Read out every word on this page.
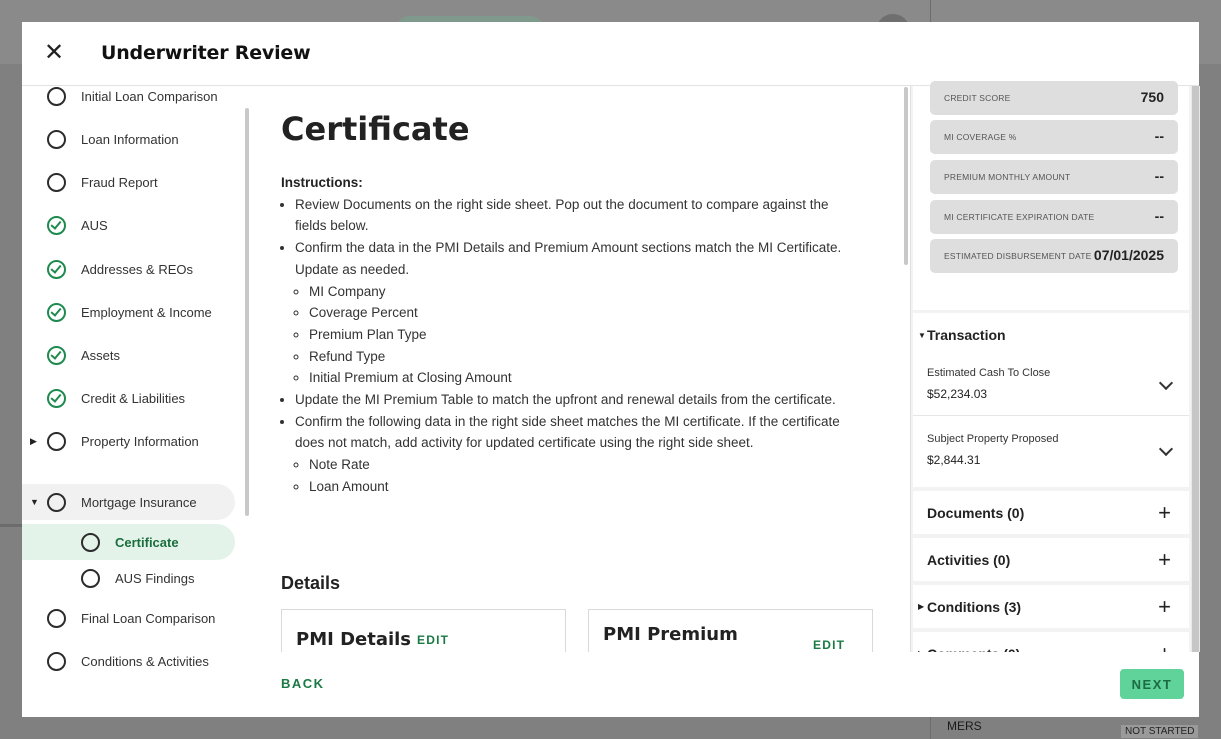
MERS	NOT STARTED
✕ Underwriter Review
Initial Loan Comparison
Loan Information
Fraud Report
AUS
Addresses & REOs
Employment & Income
Assets
Credit & Liabilities
▶	Property Information
▼	Mortgage Insurance
Certificate
AUS Findings
Final Loan Comparison
Conditions & Activities
Certificate
Instructions:
• Review Documents on the right side sheet. Pop out the document to compare against the fields below.
• Confirm the data in the PMI Details and Premium Amount sections match the MI Certificate. Update as needed.
◦ MI Company
◦ Coverage Percent
◦ Premium Plan Type
◦ Refund Type
◦ Initial Premium at Closing Amount
• Update the MI Premium Table to match the upfront and renewal details from the certificate.
• Confirm the following data in the right side sheet matches the MI certificate. If the certificate does not match, add activity for updated certificate using the right side sheet.
◦ Note Rate
◦ Loan Amount
Details
PMI Details EDIT	PMI Premium	EDIT
CREDIT SCORE	750
MI COVERAGE %	--
PREMIUM MONTHLY AMOUNT	--
MI CERTIFICATE EXPIRATION DATE	--
ESTIMATED DISBURSEMENT DATE 07/01/2025
▼ Transaction
Estimated Cash To Close
$52,234.03
Subject Property Proposed
$2,844.31
Documents (0)	+
Activities (0)	+
▶ Conditions (3)	+
BACK	NEXT
